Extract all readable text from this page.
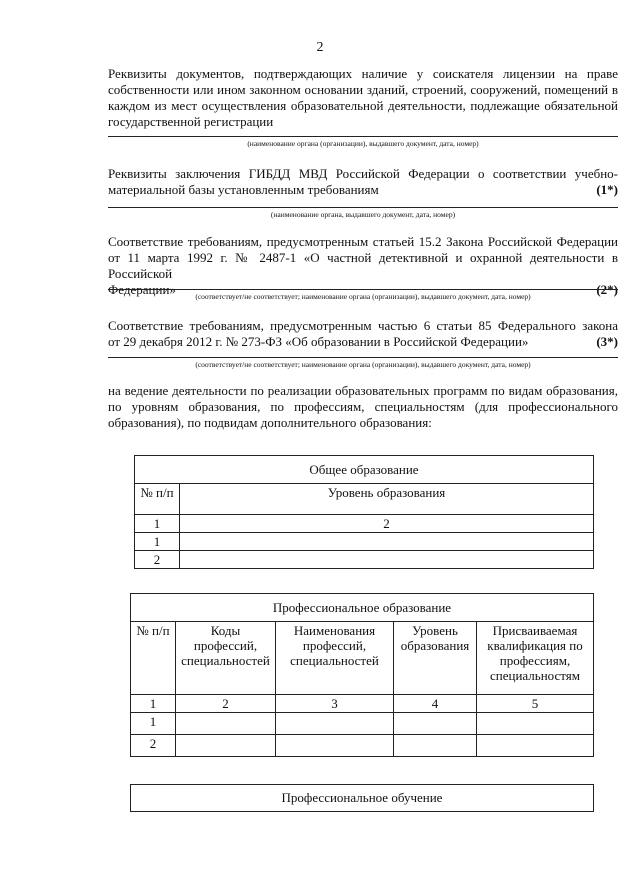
2
Реквизиты документов, подтверждающих наличие у соискателя лицензии на праве собственности или ином законном основании зданий, строений, сооружений, помещений в каждом из мест осуществления образовательной деятельности, подлежащие обязательной государственной регистрации
(наименование органа (организации), выдавшего документ, дата, номер)
Реквизиты заключения ГИБДД МВД Российской Федерации о соответствии учебно-
материальной базы установленным требованиям	(1*)
(наименование органа, выдавшего документ, дата, номер)
Соответствие требованиям, предусмотренным статьей 15.2 Закона Российской Федерации от 11 марта 1992 г. № 2487-1 «О частной детективной и охранной деятельности в Российской
Федерации»	(2*)
(соответствует/не соответствует; наименование органа (организации), выдавшего документ, дата, номер)
Соответствие требованиям, предусмотренным частью 6 статьи 85 Федерального закона
от 29 декабря 2012 г. № 273-ФЗ «Об образовании в Российской Федерации»	(3*)
(соответствует/не соответствует; наименование органа (организации), выдавшего документ, дата, номер)
на ведение деятельности по реализации образовательных программ по видам образования, по уровням образования, по профессиям, специальностям (для профессионального образования), по подвидам дополнительного образования:
Общее образование	
№ п/п	Уровень образования
1	2
1	
2	
Профессиональное образование				
№ п/п	Коды профессий, специальностей	Наименования профессий, специальностей	Уровень образования	Присваиваемая квалификация по профессиям, специальностям
1	2	3	4	5
1				
2				
Профессиональное обучение
